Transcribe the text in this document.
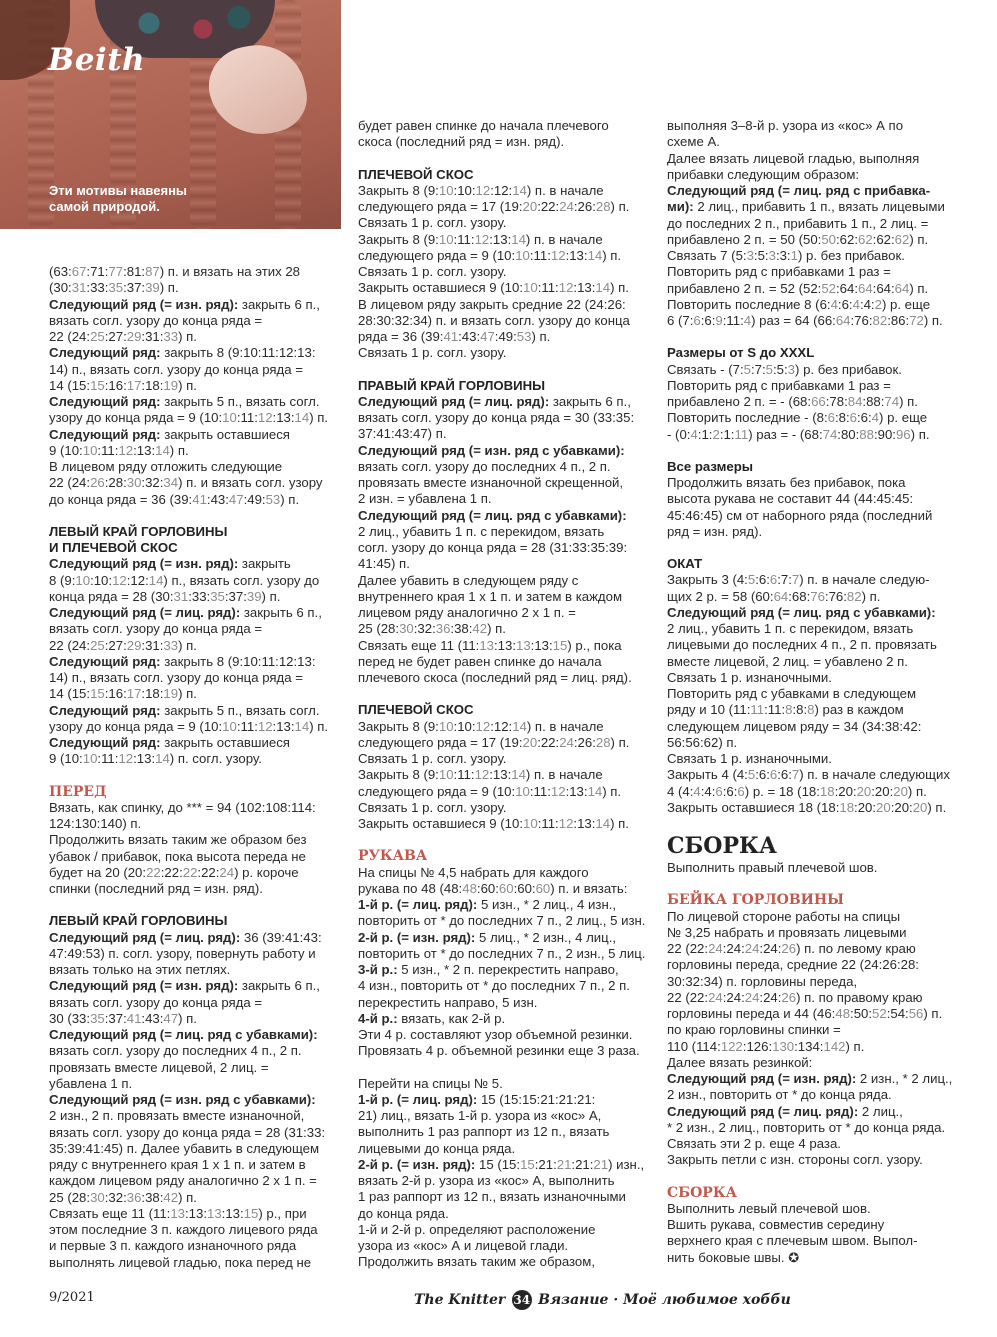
Beith
Эти мотивы навеяны
самой природой.

(63:67:71:77:81:87) п. и вязать на этих 28

(30:31:33:35:37:39) п.

Следующий ряд (= изн. ряд): закрыть 6 п.,

вязать согл. узору до конца ряда =

22 (24:25:27:29:31:33) п.

Следующий ряд: закрыть 8 (9:10:11:12:13:

14) п., вязать согл. узору до конца ряда =

14 (15:15:16:17:18:19) п.

Следующий ряд: закрыть 5 п., вязать согл.

узору до конца ряда = 9 (10:10:11:12:13:14) п.

Следующий ряд: закрыть оставшиеся

9 (10:10:11:12:13:14) п.

В лицевом ряду отложить следующие

22 (24:26:28:30:32:34) п. и вязать согл. узору

до конца ряда = 36 (39:41:43:47:49:53) п.

ЛЕВЫЙ КРАЙ ГОРЛОВИНЫ

И ПЛЕЧЕВОЙ СКОС

Следующий ряд (= изн. ряд): закрыть

8 (9:10:10:12:12:14) п., вязать согл. узору до

конца ряда = 28 (30:31:33:35:37:39) п.

Следующий ряд (= лиц. ряд): закрыть 6 п.,

вязать согл. узору до конца ряда =

22 (24:25:27:29:31:33) п.

Следующий ряд: закрыть 8 (9:10:11:12:13:

14) п., вязать согл. узору до конца ряда =

14 (15:15:16:17:18:19) п.

Следующий ряд: закрыть 5 п., вязать согл.

узору до конца ряда = 9 (10:10:11:12:13:14) п.

Следующий ряд: закрыть оставшиеся

9 (10:10:11:12:13:14) п. согл. узору.

ПЕРЕД

Вязать, как спинку, до *** = 94 (102:108:114:

124:130:140) п.

Продолжить вязать таким же образом без

убавок / прибавок, пока высота переда не

будет на 20 (20:22:22:22:22:24) р. короче

спинки (последний ряд = изн. ряд).

ЛЕВЫЙ КРАЙ ГОРЛОВИНЫ

Следующий ряд (= лиц. ряд): 36 (39:41:43:

47:49:53) п. согл. узору, повернуть работу и

вязать только на этих петлях.

Следующий ряд (= изн. ряд): закрыть 6 п.,

вязать согл. узору до конца ряда =

30 (33:35:37:41:43:47) п.

Следующий ряд (= лиц. ряд с убавками):

вязать согл. узору до последних 4 п., 2 п.

провязать вместе лицевой, 2 лиц. =

убавлена 1 п.

Следующий ряд (= изн. ряд с убавками):

2 изн., 2 п. провязать вместе изнаночной,

вязать согл. узору до конца ряда = 28 (31:33:

35:39:41:45) п. Далее убавить в следующем

ряду с внутреннего края 1 х 1 п. и затем в

каждом лицевом ряду аналогично 2 х 1 п. =

25 (28:30:32:36:38:42) п.

Связать еще 11 (11:13:13:13:13:15) р., при

этом последние 3 п. каждого лицевого ряда

и первые 3 п. каждого изнаночного ряда

выполнять лицевой гладью, пока перед не

будет равен спинке до начала плечевого

скоса (последний ряд = изн. ряд).

ПЛЕЧЕВОЙ СКОС

Закрыть 8 (9:10:10:12:12:14) п. в начале

следующего ряда = 17 (19:20:22:24:26:28) п.

Связать 1 р. согл. узору.

Закрыть 8 (9:10:11:12:13:14) п. в начале

следующего ряда = 9 (10:10:11:12:13:14) п.

Связать 1 р. согл. узору.

Закрыть оставшиеся 9 (10:10:11:12:13:14) п.

В лицевом ряду закрыть средние 22 (24:26:

28:30:32:34) п. и вязать согл. узору до конца

ряда = 36 (39:41:43:47:49:53) п.

Связать 1 р. согл. узору.

ПРАВЫЙ КРАЙ ГОРЛОВИНЫ

Следующий ряд (= лиц. ряд): закрыть 6 п.,

вязать согл. узору до конца ряда = 30 (33:35:

37:41:43:47) п.

Следующий ряд (= изн. ряд с убавками):

вязать согл. узору до последних 4 п., 2 п.

провязать вместе изнаночной скрещенной,

2 изн. = убавлена 1 п.

Следующий ряд (= лиц. ряд с убавками):

2 лиц., убавить 1 п. с перекидом, вязать

согл. узору до конца ряда = 28 (31:33:35:39:

41:45) п.

Далее убавить в следующем ряду с

внутреннего края 1 х 1 п. и затем в каждом

лицевом ряду аналогично 2 х 1 п. =

25 (28:30:32:36:38:42) п.

Связать еще 11 (11:13:13:13:13:15) р., пока

перед не будет равен спинке до начала

плечевого скоса (последний ряд = лиц. ряд).

ПЛЕЧЕВОЙ СКОС

Закрыть 8 (9:10:10:12:12:14) п. в начале

следующего ряда = 17 (19:20:22:24:26:28) п.

Связать 1 р. согл. узору.

Закрыть 8 (9:10:11:12:13:14) п. в начале

следующего ряда = 9 (10:10:11:12:13:14) п.

Связать 1 р. согл. узору.

Закрыть оставшиеся 9 (10:10:11:12:13:14) п.

РУКАВА

На спицы № 4,5 набрать для каждого

рукава по 48 (48:48:60:60:60:60) п. и вязать:

1-й р. (= лиц. ряд): 5 изн., * 2 лиц., 4 изн.,

повторить от * до последних 7 п., 2 лиц., 5 изн.

2-й р. (= изн. ряд): 5 лиц., * 2 изн., 4 лиц.,

повторить от * до последних 7 п., 2 изн., 5 лиц.

3-й р.: 5 изн., * 2 п. перекрестить направо,

4 изн., повторить от * до последних 7 п., 2 п.

перекрестить направо, 5 изн.

4-й р.: вязать, как 2-й р.

Эти 4 р. составляют узор объемной резинки.

Провязать 4 р. объемной резинки еще 3 раза.

Перейти на спицы № 5.

1-й р. (= лиц. ряд): 15 (15:15:21:21:21:

21) лиц., вязать 1-й р. узора из «кос» А,

выполнить 1 раз раппорт из 12 п., вязать

лицевыми до конца ряда.

2-й р. (= изн. ряд): 15 (15:15:21:21:21:21) изн.,

вязать 2-й р. узора из «кос» А, выполнить

1 раз раппорт из 12 п., вязать изнаночными

до конца ряда.

1-й и 2-й р. определяют расположение

узора из «кос» А и лицевой глади.

Продолжить вязать таким же образом,

выполняя 3–8-й р. узора из «кос» А по

схеме А.

Далее вязать лицевой гладью, выполняя

прибавки следующим образом:

Следующий ряд (= лиц. ряд с прибавка-

ми): 2 лиц., прибавить 1 п., вязать лицевыми

до последних 2 п., прибавить 1 п., 2 лиц. =

прибавлено 2 п. = 50 (50:50:62:62:62:62) п.

Связать 7 (5:3:5:3:3:1) р. без прибавок.

Повторить ряд с прибавками 1 раз =

прибавлено 2 п. = 52 (52:52:64:64:64:64) п.

Повторить последние 8 (6:4:6:4:4:2) р. еще

6 (7:6:6:9:11:4) раз = 64 (66:64:76:82:86:72) п.

Размеры от S до XXXL

Связать - (7:5:7:5:5:3) р. без прибавок.

Повторить ряд с прибавками 1 раз =

прибавлено 2 п. = - (68:66:78:84:88:74) п.

Повторить последние - (8:6:8:6:6:4) р. еще

- (0:4:1:2:1:11) раз = - (68:74:80:88:90:96) п.

Все размеры

Продолжить вязать без прибавок, пока

высота рукава не составит 44 (44:45:45:

45:46:45) см от наборного ряда (последний

ряд = изн. ряд).

ОКАТ

Закрыть 3 (4:5:6:6:7:7) п. в начале следую-

щих 2 р. = 58 (60:64:68:76:76:82) п.

Следующий ряд (= лиц. ряд с убавками):

2 лиц., убавить 1 п. с перекидом, вязать

лицевыми до последних 4 п., 2 п. провязать

вместе лицевой, 2 лиц. = убавлено 2 п.

Связать 1 р. изнаночными.

Повторить ряд с убавками в следующем

ряду и 10 (11:11:11:8:8:8) раз в каждом

следующем лицевом ряду = 34 (34:38:42:

56:56:62) п.

Связать 1 р. изнаночными.

Закрыть 4 (4:5:6:6:6:7) п. в начале следующих

4 (4:4:4:6:6:6) р. = 18 (18:18:20:20:20:20) п.

Закрыть оставшиеся 18 (18:18:20:20:20:20) п.

СБОРКА

Выполнить правый плечевой шов.

БЕЙКА ГОРЛОВИНЫ

По лицевой стороне работы на спицы

№ 3,25 набрать и провязать лицевыми

22 (22:24:24:24:24:26) п. по левому краю

горловины переда, средние 22 (24:26:28:

30:32:34) п. горловины переда,

22 (22:24:24:24:24:26) п. по правому краю

горловины переда и 44 (46:48:50:52:54:56) п.

по краю горловины спинки =

110 (114:122:126:130:134:142) п.

Далее вязать резинкой:

Следующий ряд (= изн. ряд): 2 изн., * 2 лиц.,

2 изн., повторить от * до конца ряда.

Следующий ряд (= лиц. ряд): 2 лиц.,

* 2 изн., 2 лиц., повторить от * до конца ряда.

Связать эти 2 р. еще 4 раза.

Закрыть петли с изн. стороны согл. узору.

СБОРКА

Выполнить левый плечевой шов.

Вшить рукава, совместив середину

верхнего края с плечевым швом. Выпол-

нить боковые швы. ✪

9/2021	The Knitter 34 Вязание · Моё любимое хобби
